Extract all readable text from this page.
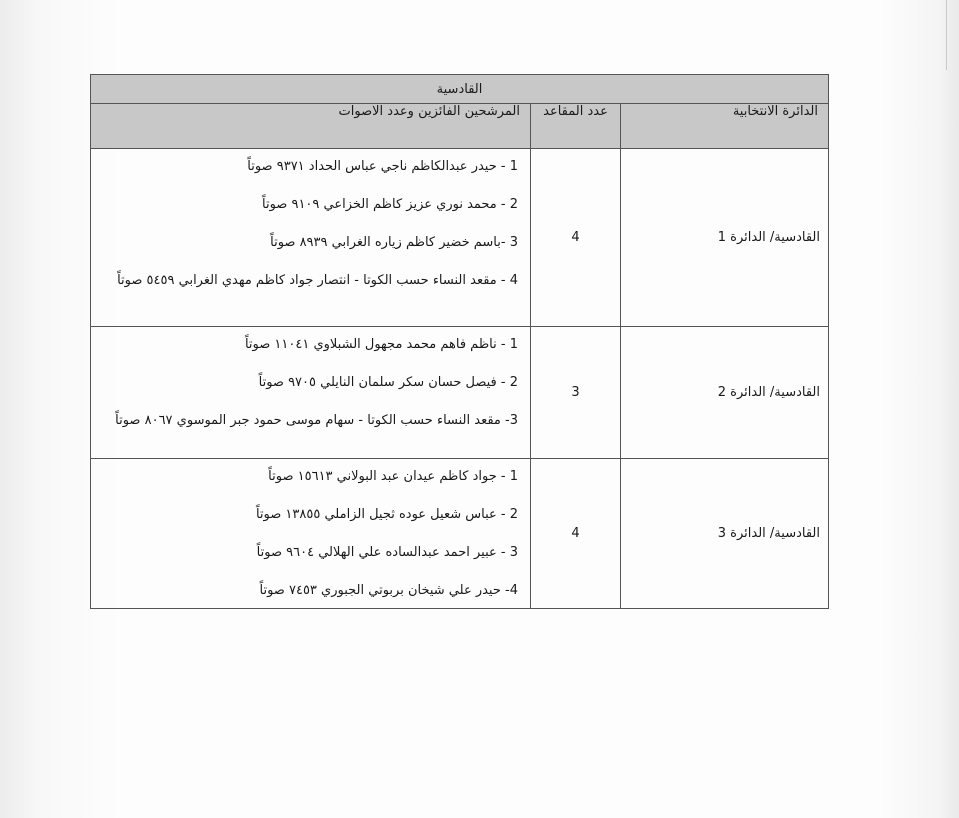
القادسية		
الدائرة الانتخابية	عدد المقاعد	المرشحين الفائزين وعدد الاصوات
القادسية/ الدائرة 1	4	1 - حيدر عبدالكاظم ناجي عباس الحداد ٩٣٧١ صوتاً
2 - محمد نوري عزيز كاظم الخزاعي ٩١٠٩ صوتاً
3 -باسم خضير كاظم زياره الغرابي ٨٩٣٩ صوتاً
4 - مقعد النساء حسب الكوتا - انتصار جواد كاظم مهدي الغرابي ٥٤٥٩ صوتاً

القادسية/ الدائرة 2	3	1 - ناظم فاهم محمد مجهول الشبلاوي ١١٠٤١ صوتاً
2 - فيصل حسان سكر سلمان النايلي ٩٧٠٥ صوتاً
3- مقعد النساء حسب الكوتا - سهام موسى حمود جبر الموسوي ٨٠٦٧ صوتاً

القادسية/ الدائرة 3	4	1 - جواد كاظم عيدان عبد البولاني ١٥٦١٣ صوتاً
2 - عباس شعيل عوده ثجيل الزاملي ١٣٨٥٥ صوتاً
3 - عبير احمد عبدالساده علي الهلالي ٩٦٠٤ صوتاً
4- حيدر علي شيخان بربوتي الجبوري ٧٤٥٣ صوتاً
